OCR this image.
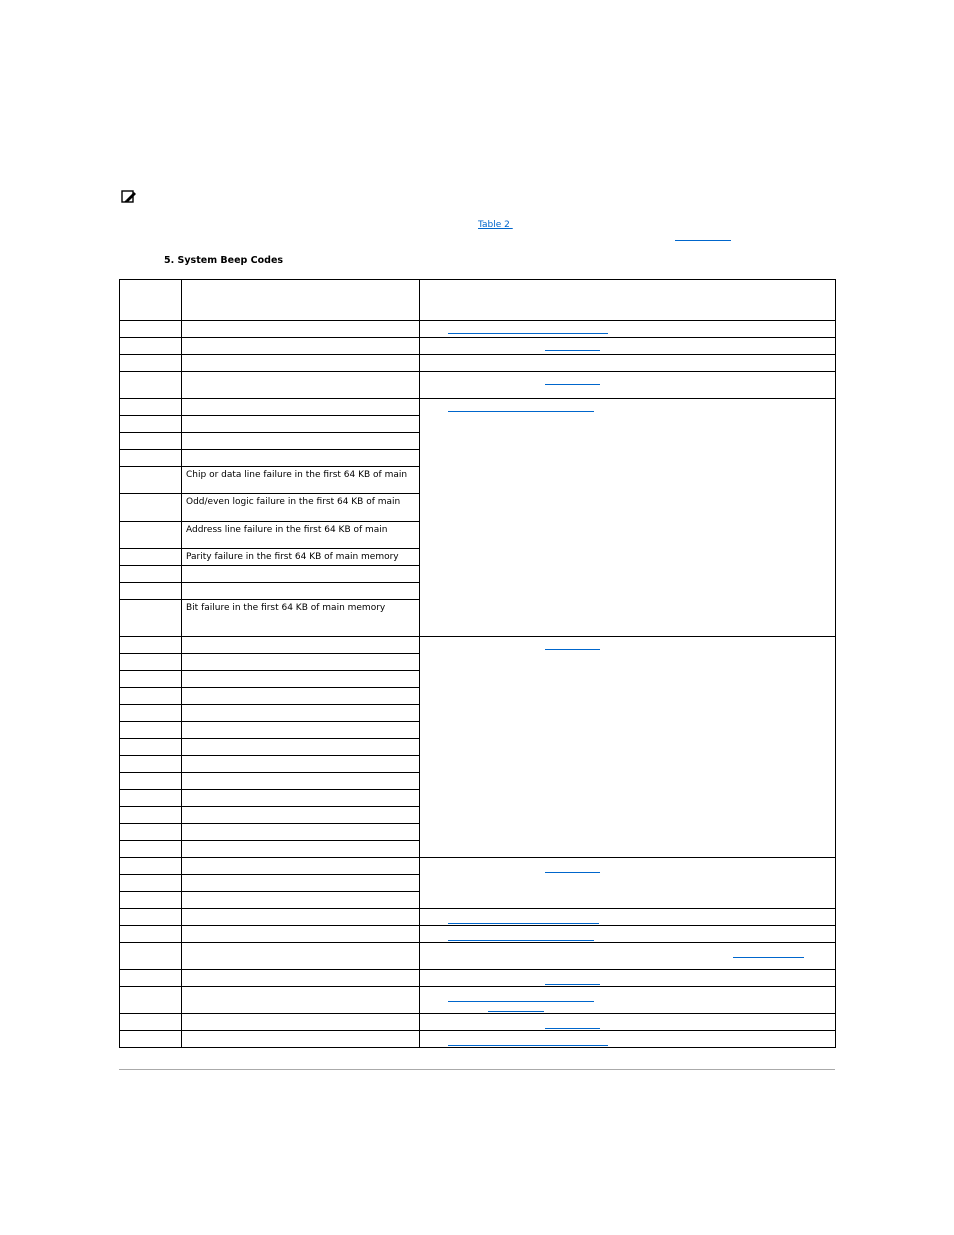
Table 2
5. System Beep Codes

	Chip or data line failure in the first 64 KB of main	
	Odd/even logic failure in the first 64 KB of main	
	Address line failure in the first 64 KB of main	
	Parity failure in the first 64 KB of main memory	

	Bit failure in the first 64 KB of main memory	
